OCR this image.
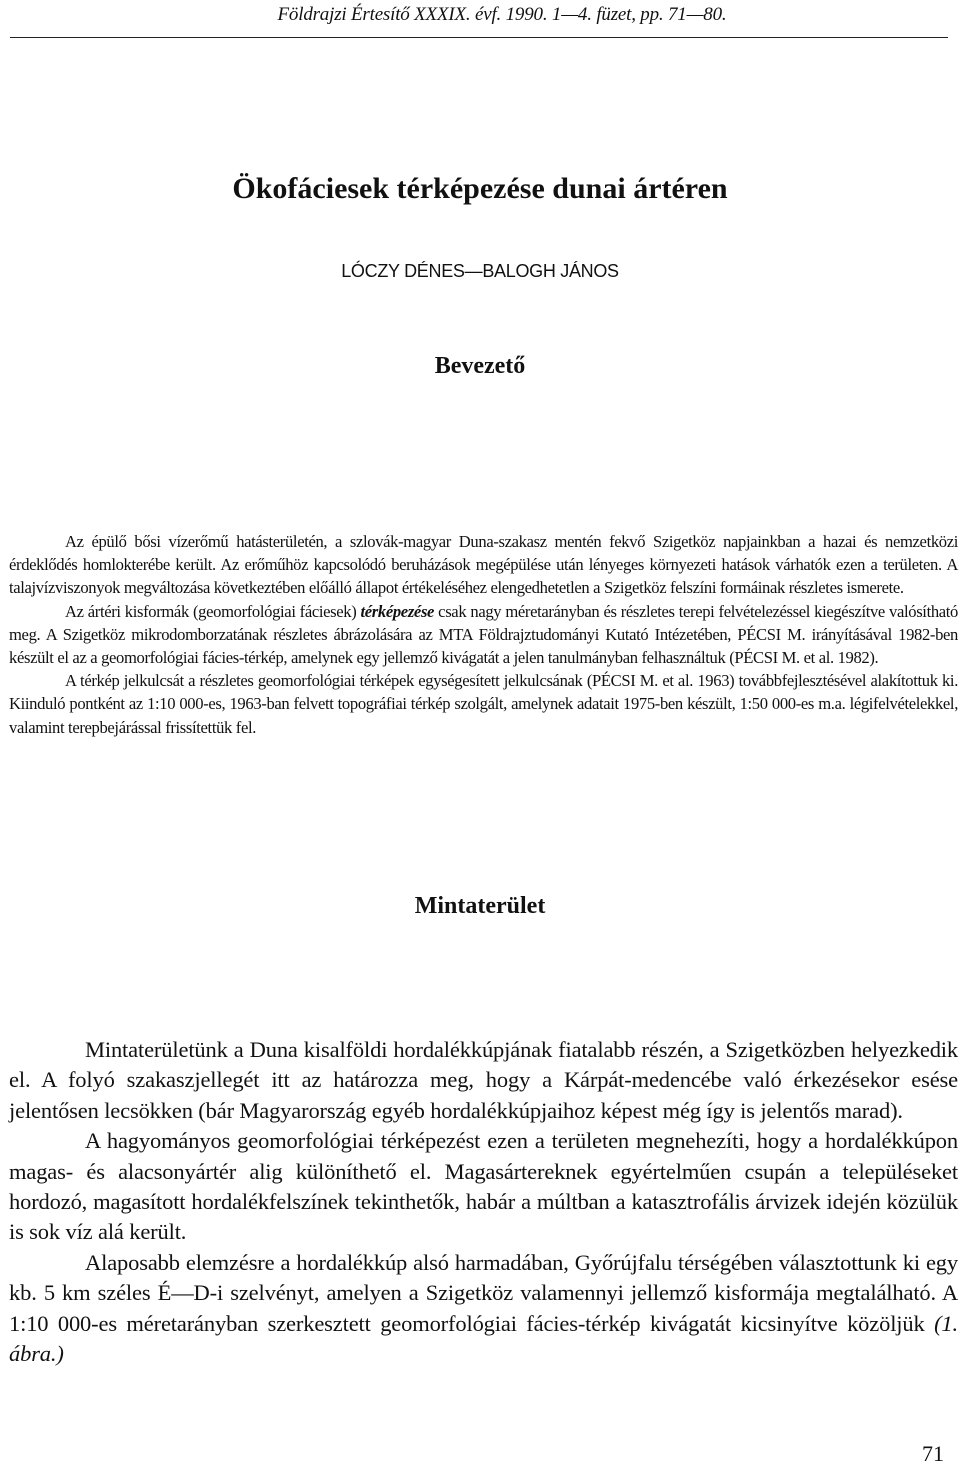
Földrajzi Értesítő XXXIX. évf. 1990. 1—4. füzet, pp. 71—80.
Ökofáciesek térképezése dunai ártéren
LÓCZY DÉNES—BALOGH JÁNOS
Bevezető

Az épülő bősi vízerőmű hatásterületén, a szlovák-magyar Duna-szakasz mentén fekvő Szigetköz napjainkban a hazai és nemzetközi érdeklődés homlokterébe került. Az erőműhöz kapcsolódó beruházások megépülése után lényeges környezeti hatások várhatók ezen a területen. A talajvízviszonyok megváltozása következtében előálló állapot értékeléséhez elengedhetetlen a Szigetköz felszíni formáinak részletes ismerete.

Az ártéri kisformák (geomorfológiai fáciesek) térképezése csak nagy méretarányban és részletes terepi felvételezéssel kiegészítve valósítható meg. A Szigetköz mikrodomborzatának részletes ábrázolására az MTA Földrajztudományi Kutató Intézetében, PÉCSI M. irányításával 1982-ben készült el az a geomorfológiai fácies-térkép, amelynek egy jellemző kivágatát a jelen tanulmányban felhasználtuk (PÉCSI M. et al. 1982).

A térkép jelkulcsát a részletes geomorfológiai térképek egységesített jelkulcsának (PÉCSI M. et al. 1963) továbbfejlesztésével alakítottuk ki. Kiinduló pontként az 1:10 000-es, 1963-ban felvett topográfiai térkép szolgált, amelynek adatait 1975-ben készült, 1:50 000-es m.a. légifelvételekkel, valamint terepbejárással frissítettük fel.

Mintaterület

Mintaterületünk a Duna kisalföldi hordalékkúpjának fiatalabb részén, a Szigetközben helyezkedik el. A folyó szakaszjellegét itt az határozza meg, hogy a Kárpát-medencébe való érkezésekor esése jelentősen lecsökken (bár Magyarország egyéb hordalékkúpjaihoz képest még így is jelentős marad).

A hagyományos geomorfológiai térképezést ezen a területen megnehezíti, hogy a hordalékkúpon magas- és alacsonyártér alig különíthető el. Magasártereknek egyértelműen csupán a településeket hordozó, magasított hordalékfelszínek tekinthetők, habár a múltban a katasztrofális árvizek idején közülük is sok víz alá került.

Alaposabb elemzésre a hordalékkúp alsó harmadában, Győrújfalu térségében választottunk ki egy kb. 5 km széles É—D-i szelvényt, amelyen a Szigetköz valamennyi jellemző kisformája megtalálható. A 1:10 000-es méretarányban szerkesztett geomorfológiai fácies-térkép kivágatát kicsinyítve közöljük (1. ábra.)

71
